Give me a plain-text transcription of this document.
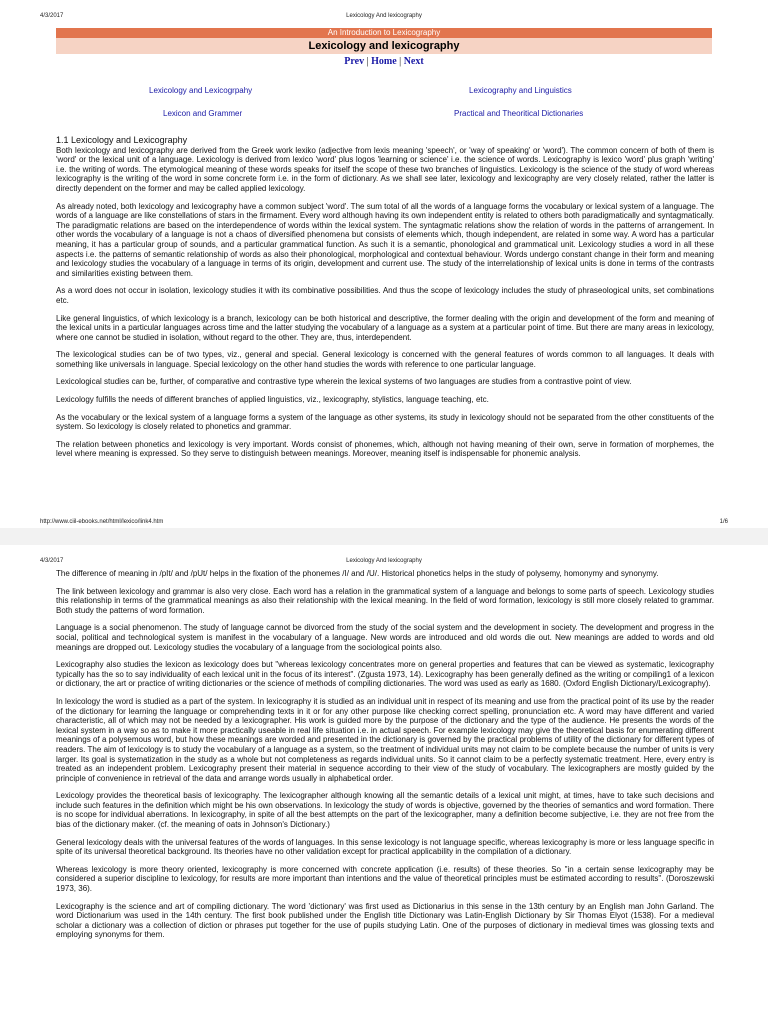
4/3/2017	Lexicology And lexicography
An Introduction to Lexicography
Lexicology and lexicography
Prev | Home | Next
Lexicology and Lexicogrpahy
Lexicon and Grammer
Lexicography and Linguistics
Practical and Theoritical Dictionaries
1.1 Lexicology and Lexicography

Both lexicology and lexicography are derived from the Greek work lexiko (adjective from lexis meaning 'speech', or 'way of speaking' or 'word'). The common concern of both of them is 'word' or the lexical unit of a language. Lexicology is derived from lexico 'word' plus logos 'learning or science' i.e. the science of words. Lexicography is lexico 'word' plus graph 'writing' i.e. the writing of words. The etymological meaning of these words speaks for itself the scope of these two branches of linguistics. Lexicology is the science of the study of word whereas lexicography is the writing of the word in some concrete form i.e. in the form of dictionary. As we shall see later, lexicology and lexicography are very closely related, rather the latter is directly dependent on the former and may be called applied lexicology.

As already noted, both lexicology and lexicography have a common subject 'word'. The sum total of all the words of a language forms the vocabulary or lexical system of a language. The words of a language are like constellations of stars in the firmament. Every word although having its own independent entity is related to others both paradigmatically and syntagmatically. The paradigmatic relations are based on the interdependence of words within the lexical system. The syntagmatic relations show the relation of words in the patterns of arrangement. In other words the vocabulary of a language is not a chaos of diversified phenomena but consists of elements which, though independent, are related in some way. A word has a particular meaning, it has a particular group of sounds, and a particular grammatical function. As such it is a semantic, phonological and grammatical unit. Lexicology studies a word in all these aspects i.e. the patterns of semantic relationship of words as also their phonological, morphological and contextual behaviour. Words undergo constant change in their form and meaning and lexicology studies the vocabulary of a language in terms of its origin, development and current use. The study of the interrelationship of lexical units is done in terms of the contrasts and similarities existing between them.

As a word does not occur in isolation, lexicology studies it with its combinative possibilities. And thus the scope of lexicology includes the study of phraseological units, set combinations etc.

Like general linguistics, of which lexicology is a branch, lexicology can be both historical and descriptive, the former dealing with the origin and development of the form and meaning of the lexical units in a particular languages across time and the latter studying the vocabulary of a language as a system at a particular point of time. But there are many areas in lexicology, where one cannot be studied in isolation, without regard to the other. They are, thus, interdependent.

The lexicological studies can be of two types, viz., general and special. General lexicology is concerned with the general features of words common to all languages. It deals with something like universals in language. Special lexicology on the other hand studies the words with reference to one particular language.

Lexicological studies can be, further, of comparative and contrastive type wherein the lexical systems of two languages are studies from a contrastive point of view.

Lexicology fulfills the needs of different branches of applied linguistics, viz., lexicography, stylistics, language teaching, etc.

As the vocabulary or the lexical system of a language forms a system of the language as other systems, its study in lexicology should not be separated from the other constituents of the system. So lexicology is closely related to phonetics and grammar.

The relation between phonetics and lexicology is very important. Words consist of phonemes, which, although not having meaning of their own, serve in formation of morphemes, the level where meaning is expressed. So they serve to distinguish between meanings. Moreover, meaning itself is indispensable for phonemic analysis.

http://www.ciil-ebooks.net/html/lexico/link4.htm	1/6
4/3/2017	Lexicology And lexicography

The difference of meaning in /pIt/ and /pUt/ helps in the fixation of the phonemes /I/ and /U/. Historical phonetics helps in the study of polysemy, homonymy and synonymy.

The link between lexicology and grammar is also very close. Each word has a relation in the grammatical system of a language and belongs to some parts of speech. Lexicology studies this relationship in terms of the grammatical meanings as also their relationship with the lexical meaning. In the field of word formation, lexicology is still more closely related to grammar. Both study the patterns of word formation.

Language is a social phenomenon. The study of language cannot be divorced from the study of the social system and the development in society. The development and progress in the social, political and technological system is manifest in the vocabulary of a language. New words are introduced and old words die out. New meanings are added to words and old meanings are dropped out. Lexicology studies the vocabulary of a language from the sociological points also.

Lexicography also studies the lexicon as lexicology does but "whereas lexicology concentrates more on general properties and features that can be viewed as systematic, lexicography typically has the so to say individuality of each lexical unit in the focus of its interest". (Zgusta 1973, 14). Lexicography has been generally defined as the writing or compiling1 of a lexicon or dictionary, the art or practice of writing dictionaries or the science of methods of compiling dictionaries. The word was used as early as 1680. (Oxford English Dictionary/Lexicography).

In lexicology the word is studied as a part of the system. In lexicography it is studied as an individual unit in respect of its meaning and use from the practical point of its use by the reader of the dictionary for learning the language or comprehending texts in it or for any other purpose like checking correct spelling, pronunciation etc. A word may have different and varied characteristic, all of which may not be needed by a lexicographer. His work is guided more by the purpose of the dictionary and the type of the audience. He presents the words of the lexical system in a way so as to make it more practically useable in real life situation i.e. in actual speech. For example lexicology may give the theoretical basis for enumerating different meanings of a polysemous word, but how these meanings are worded and presented in the dictionary is governed by the practical problems of utility of the dictionary for different types of readers. The aim of lexicology is to study the vocabulary of a language as a system, so the treatment of individual units may not claim to be complete because the number of units is very larger. Its goal is systematization in the study as a whole but not completeness as regards individual units. So it cannot claim to be a perfectly systematic treatment. Here, every entry is treated as an independent problem. Lexicography present their material in sequence according to their view of the study of vocabulary. The lexicographers are mostly guided by the principle of convenience in retrieval of the data and arrange words usually in alphabetical order.

Lexicology provides the theoretical basis of lexicography. The lexicographer although knowing all the semantic details of a lexical unit might, at times, have to take such decisions and include such features in the definition which might be his own observations. In lexicology the study of words is objective, governed by the theories of semantics and word formation. There is no scope for individual aberrations. In lexicography, in spite of all the best attempts on the part of the lexicographer, many a definition become subjective, i.e. they are not free from the bias of the dictionary maker. (cf. the meaning of oats in Johnson's Dictionary.)

General lexicology deals with the universal features of the words of languages. In this sense lexicology is not language specific, whereas lexicography is more or less language specific in spite of its universal theoretical background. Its theories have no other validation except for practical applicability in the compilation of a dictionary.

Whereas lexicology is more theory oriented, lexicography is more concerned with concrete application (i.e. results) of these theories. So "in a certain sense lexicography may be considered a superior discipline to lexicology, for results are more important than intentions and the value of theoretical principles must be estimated according to results". (Doroszewski 1973, 36).

Lexicography is the science and art of compiling dictionary. The word 'dictionary' was first used as Dictionarius in this sense in the 13th century by an English man John Garland. The word Dictionarium was used in the 14th century. The first book published under the English title Dictionary was Latin-English Dictionary by Sir Thomas Elyot (1538). For a medieval scholar a dictionary was a collection of diction or phrases put together for the use of pupils studying Latin. One of the purposes of dictionary in medieval times was glossing texts and employing synonyms for them.
